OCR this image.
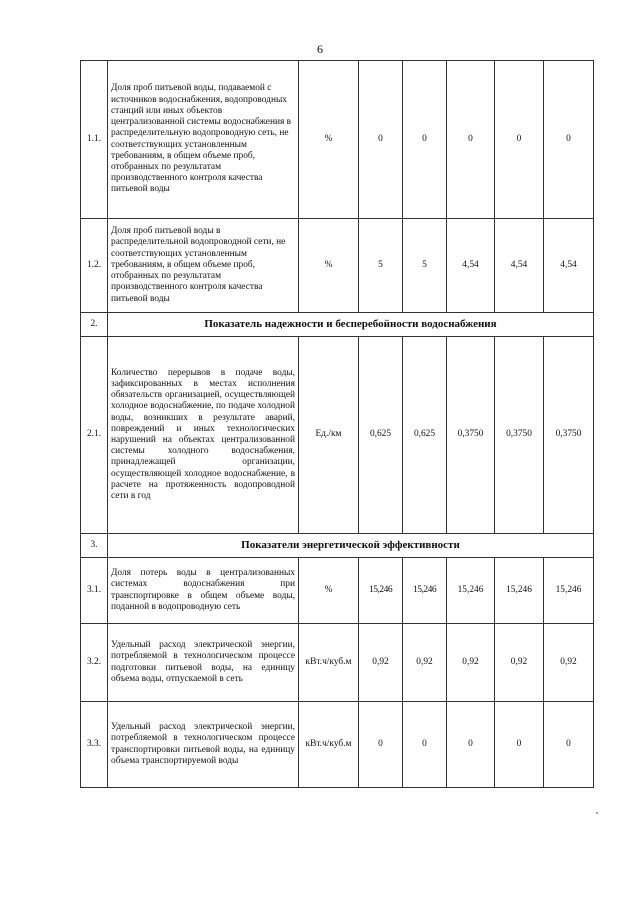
6
1.1.	Доля проб питьевой воды, подаваемой с источников водоснабжения, водопроводных станций или иных объектов централизованной системы водоснабжения в распределительную водопроводную сеть, не соответствующих установленным требованиям, в общем объеме проб, отобранных по результатам производственного контроля качества питьевой воды	%	0	0	0	0	0
1.2.	Доля проб питьевой воды в распределительной водопроводной сети, не соответствующих установленным требованиям, в общем объеме проб, отобранных по результатам производственного контроля качества питьевой воды	%	5	5	4,54	4,54	4,54
2.	Показатель надежности и бесперебойности водоснабжения						
2.1.	Количество перерывов в подаче воды, зафиксированных в местах исполнения обязательств организацией, осуществляющей холодное водоснабжение, по подаче холодной воды, возникших в результате аварий, повреждений и иных технологических нарушений на объектах централизованной системы холодного водоснабжения, принадлежащей организации, осуществляющей холодное водоснабжение, в расчете на протяженность водопроводной сети в год	Ед./км	0,625	0,625	0,3750	0,3750	0,3750
3.	Показатели энергетической эффективности						
3.1.	Доля потерь воды в централизованных системах водоснабжения при транспортировке в общем объеме воды, поданной в водопроводную сеть	%	15,246	15,246	15,246	15,246	15,246
3.2.	Удельный расход электрической энергии, потребляемой в технологическом процессе подготовки питьевой воды, на единицу объема воды, отпускаемой в сеть	кВт.ч/куб.м	0,92	0,92	0,92	0,92	0,92
3.3.	Удельный расход электрической энергии, потребляемой в технологическом процессе транспортировки питьевой воды, на единицу объема транспортируемой воды	кВт.ч/куб.м	0	0	0	0	0
